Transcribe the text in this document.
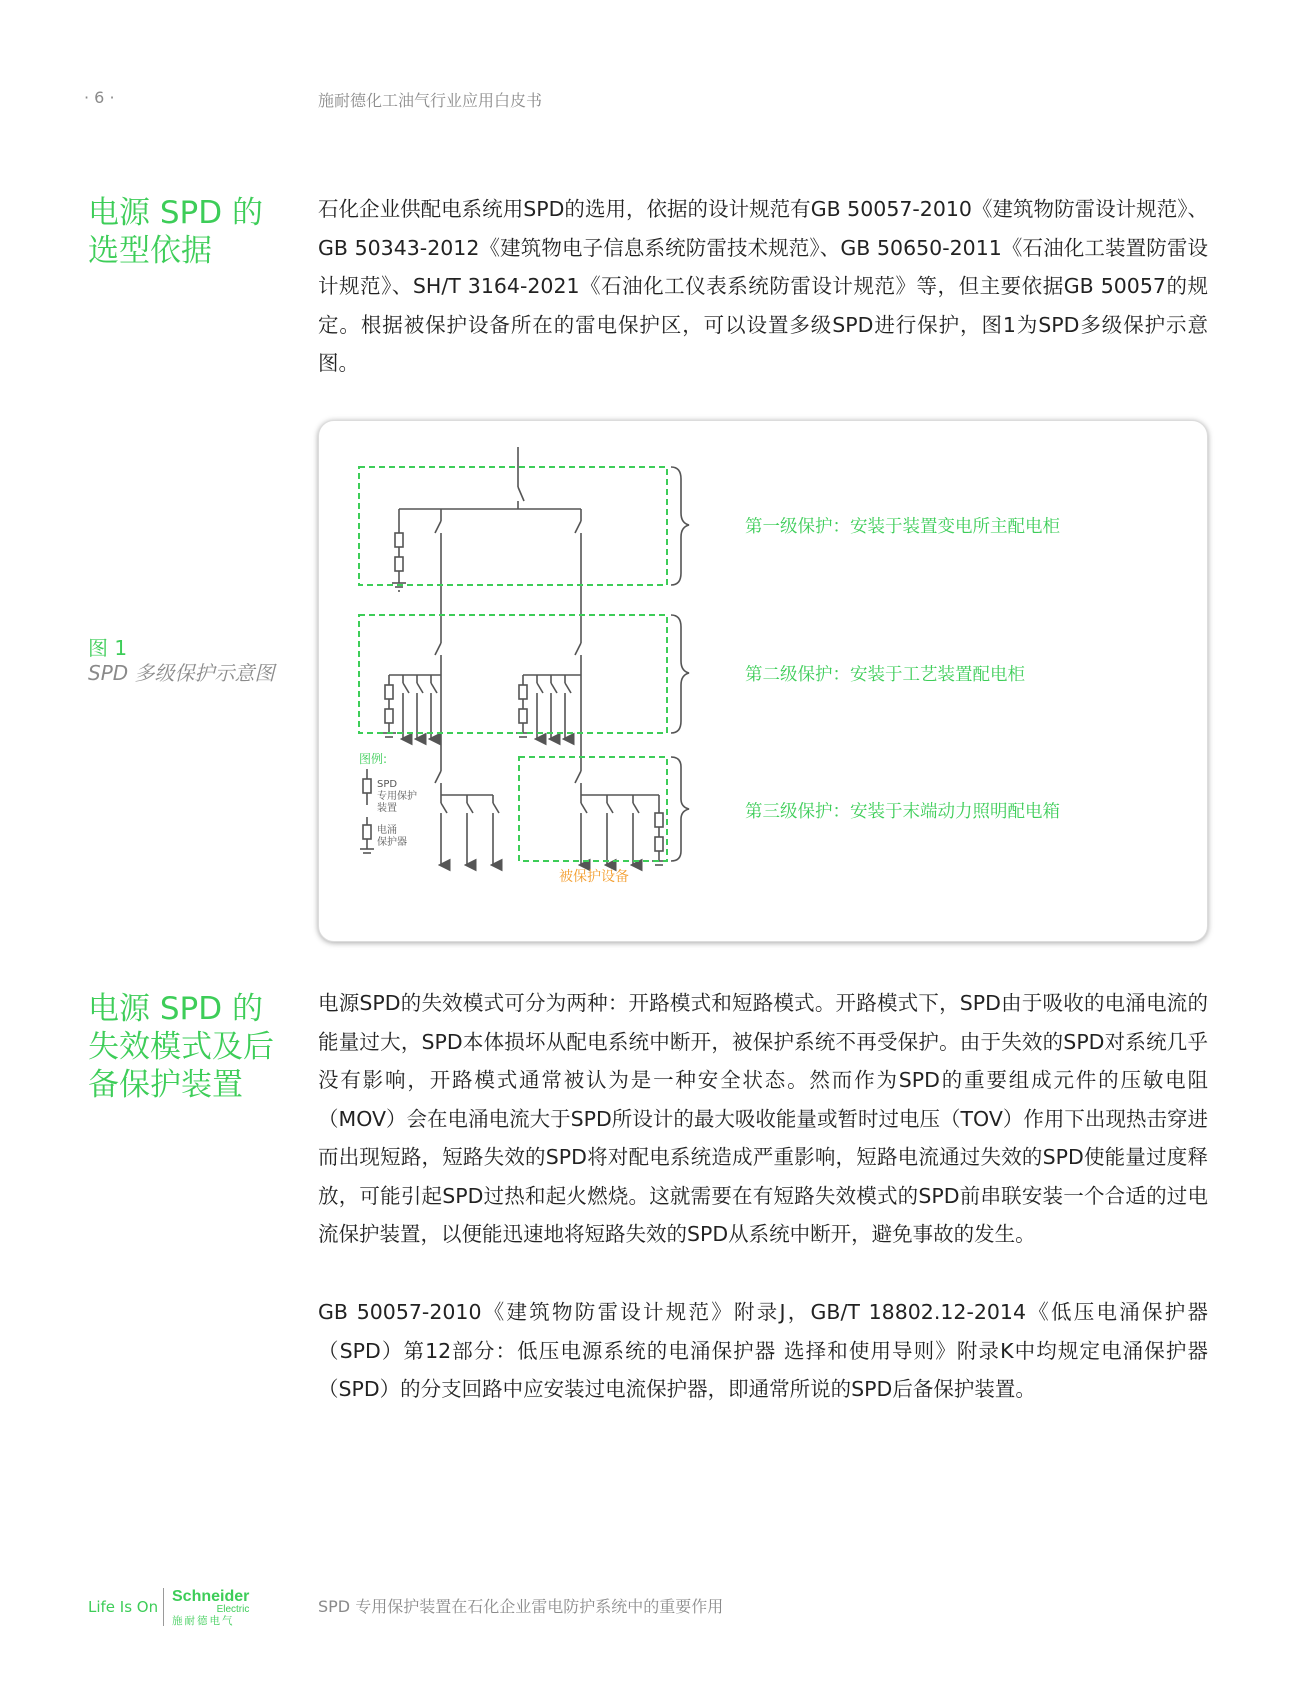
· 6 ·	施耐德化工油气行业应用白皮书
电源 SPD 的选型依据

石化企业供配电系统用SPD的选用，依据的设计规范有GB 50057-2010《建筑物防雷设计规范》、GB 50343-2012《建筑物电子信息系统防雷技术规范》、GB 50650-2011《石油化工装置防雷设计规范》、SH/T 3164-2021《石油化工仪表系统防雷设计规范》等，但主要依据GB 50057的规定。根据被保护设备所在的雷电保护区，可以设置多级SPD进行保护，图1为SPD多级保护示意图。

图 1
SPD 多级保护示意图
SPD
专用保护
装置
电涌
保护器
图例:
被保护设备
第一级保护：安装于装置变电所主配电柜
第二级保护：安装于工艺装置配电柜
第三级保护：安装于末端动力照明配电箱
电源 SPD 的失效模式及后备保护装置

电源SPD的失效模式可分为两种：开路模式和短路模式。开路模式下，SPD由于吸收的电涌电流的能量过大，SPD本体损坏从配电系统中断开，被保护系统不再受保护。由于失效的SPD对系统几乎没有影响，开路模式通常被认为是一种安全状态。然而作为SPD的重要组成元件的压敏电阻（MOV）会在电涌电流大于SPD所设计的最大吸收能量或暂时过电压（TOV）作用下出现热击穿进而出现短路，短路失效的SPD将对配电系统造成严重影响，短路电流通过失效的SPD使能量过度释放，可能引起SPD过热和起火燃烧。这就需要在有短路失效模式的SPD前串联安装一个合适的过电流保护装置，以便能迅速地将短路失效的SPD从系统中断开，避免事故的发生。

GB 50057-2010《建筑物防雷设计规范》附录J，GB/T 18802.12-2014《低压电涌保护器（SPD）第12部分：低压电源系统的电涌保护器 选择和使用导则》附录K中均规定电涌保护器（SPD）的分支回路中应安装过电流保护器，即通常所说的SPD后备保护装置。

Life Is On
Schneider
Electric
施耐德电气
SPD 专用保护装置在石化企业雷电防护系统中的重要作用
